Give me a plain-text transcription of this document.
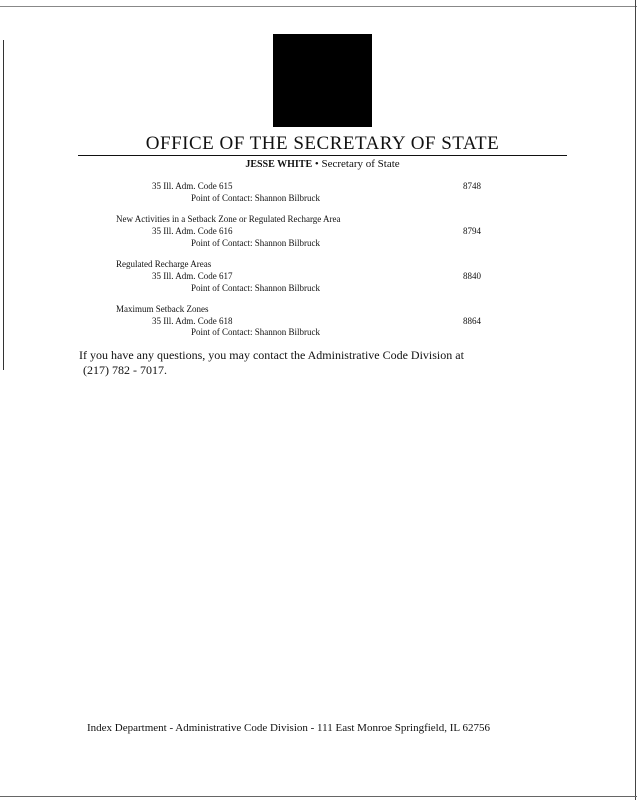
OFFICE OF THE SECRETARY OF STATE
JESSE WHITE • Secretary of State
35 Ill. Adm. Code 615
Point of Contact: Shannon Bilbruck
8748
New Activities in a Setback Zone or Regulated Recharge Area
35 Ill. Adm. Code 616
Point of Contact: Shannon Bilbruck
8794
Regulated Recharge Areas
35 Ill. Adm. Code 617
Point of Contact: Shannon Bilbruck
8840
Maximum Setback Zones
35 Ill. Adm. Code 618
Point of Contact: Shannon Bilbruck
8864
If you have any questions, you may contact the Administrative Code Division at
(217) 782 - 7017.
Index Department - Administrative Code Division - 111 East Monroe Springfield, IL 62756
